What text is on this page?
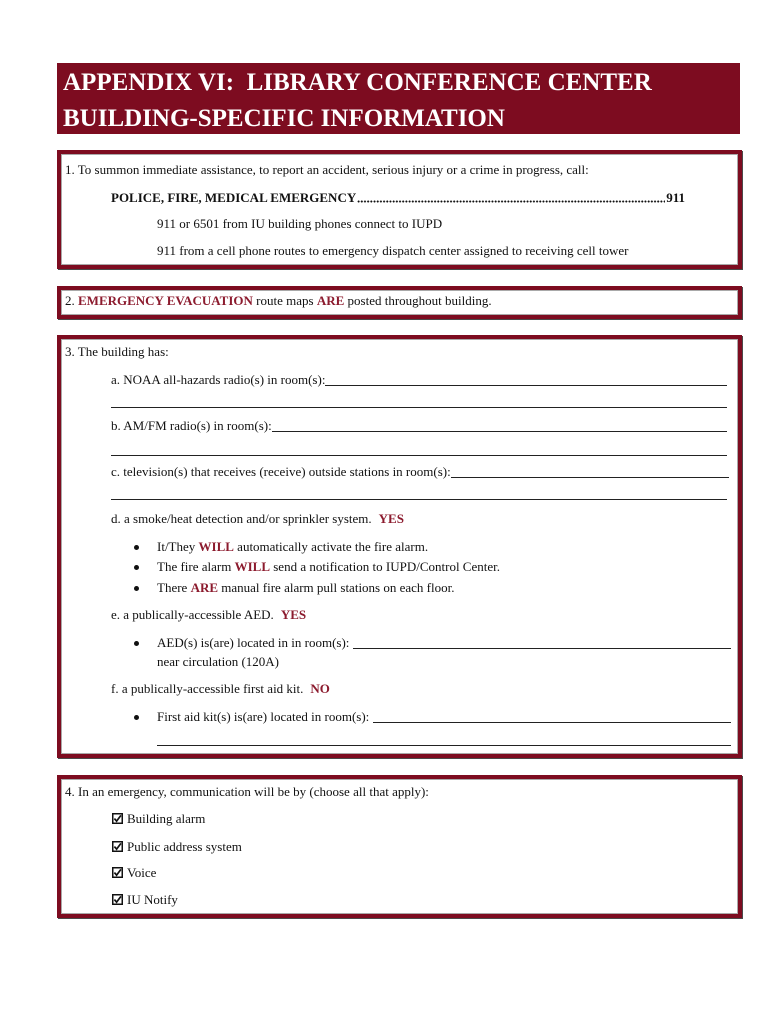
APPENDIX VI:  LIBRARY CONFERENCE CENTER
BUILDING-SPECIFIC INFORMATION
1. To summon immediate assistance, to report an accident, serious injury or a crime in progress, call:
POLICE, FIRE, MEDICAL EMERGENCY	911
911 or 6501 from IU building phones connect to IUPD
911 from a cell phone routes to emergency dispatch center assigned to receiving cell tower
2. EMERGENCY EVACUATION route maps ARE posted throughout building.
3. The building has:
a. NOAA all-hazards radio(s) in room(s):
b. AM/FM radio(s) in room(s):
c. television(s) that receives (receive) outside stations in room(s):
d. a smoke/heat detection and/or sprinkler system. YES
It/They WILL automatically activate the fire alarm.
The fire alarm WILL send a notification to IUPD/Control Center.
There ARE manual fire alarm pull stations on each floor.
e. a publically-accessible AED. YES
AED(s) is(are) located in in room(s):
near circulation (120A)
f. a publically-accessible first aid kit. NO
First aid kit(s) is(are) located in room(s):
4. In an emergency, communication will be by (choose all that apply):
Building alarm
Public address system
Voice
IU Notify
